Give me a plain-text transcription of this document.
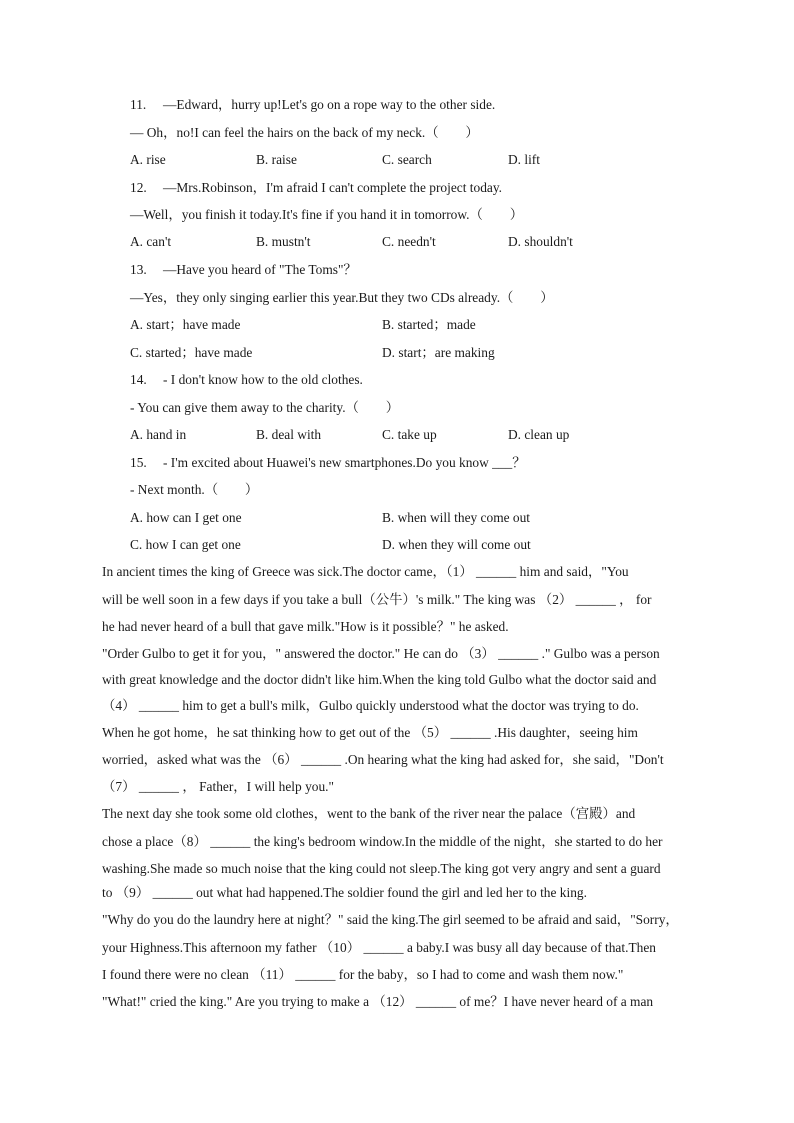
11. —Edward，hurry up!Let's go on a rope way to the other side.
— Oh，no!I can feel the hairs on the back of my neck.（　　）
A. rise	B. raise	C. search	D. lift
12. —Mrs.Robinson，I'm afraid I can't complete the project today.
—Well，you finish it today.It's fine if you hand it in tomorrow.（　　）
A. can't	B. mustn't	C. needn't	D. shouldn't
13. —Have you heard of "The Toms"？
—Yes，they only singing earlier this year.But they two CDs already.（　　）
A. start；have made	B. started；made
C. started；have made	D. start；are making
14. - I don't know how to the old clothes.
- You can give them away to the charity.（　　）
A. hand in	B. deal with	C. take up	D. clean up
15. - I'm excited about Huawei's new smartphones.Do you know ___？
- Next month.（　　）
A. how can I get one	B. when will they come out
C. how I can get one	D. when they will come out
In ancient times the king of Greece was sick.The doctor came，（1） ______ him and said，"You
will be well soon in a few days if you take a bull（公牛）'s milk." The king was （2） ______ ， for
he had never heard of a bull that gave milk."How is it possible？" he asked.
"Order Gulbo to get it for you，" answered the doctor." He can do （3） ______ ." Gulbo was a person
with great knowledge and the doctor didn't like him.When the king told Gulbo what the doctor said and
（4） ______ him to get a bull's milk，Gulbo quickly understood what the doctor was trying to do.
When he got home，he sat thinking how to get out of the （5） ______ .His daughter，seeing him
worried，asked what was the （6） ______ .On hearing what the king had asked for，she said，"Don't
（7） ______ ， Father，I will help you."
The next day she took some old clothes，went to the bank of the river near the palace（宫殿）and
chose a place（8） ______ the king's bedroom window.In the middle of the night，she started to do her
washing.She made so much noise that the king could not sleep.The king got very angry and sent a guard
to （9） ______ out what had happened.The soldier found the girl and led her to the king.
"Why do you do the laundry here at night？" said the king.The girl seemed to be afraid and said，"Sorry，
your Highness.This afternoon my father （10） ______ a baby.I was busy all day because of that.Then
I found there were no clean （11） ______ for the baby，so I had to come and wash them now."
"What!" cried the king." Are you trying to make a （12） ______ of me？I have never heard of a man
